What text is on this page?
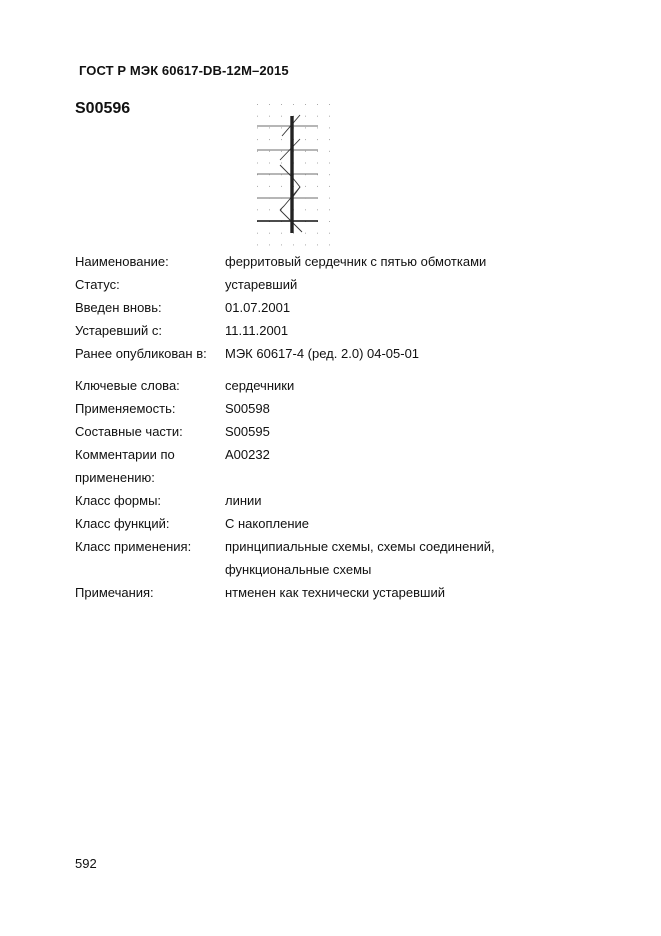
ГОСТ Р МЭК 60617-DB-12M–2015
S00596
Наименование:	ферритовый сердечник с пятью обмотками
Статус:	устаревший
Введен вновь:	01.07.2001
Устаревший с:	11.11.2001
Ранее опубликован в:	МЭК 60617-4 (ред. 2.0) 04-05-01
Ключевые слова:	сердечники
Применяемость:	S00598
Составные части:	S00595
Комментарии по	A00232
применению:
Класс формы:	линии
Класс функций:	С накопление
Класс применения:	принципиальные схемы, схемы соединений,
функциональные схемы
Примечания:	нтменен как технически устаревший
592
